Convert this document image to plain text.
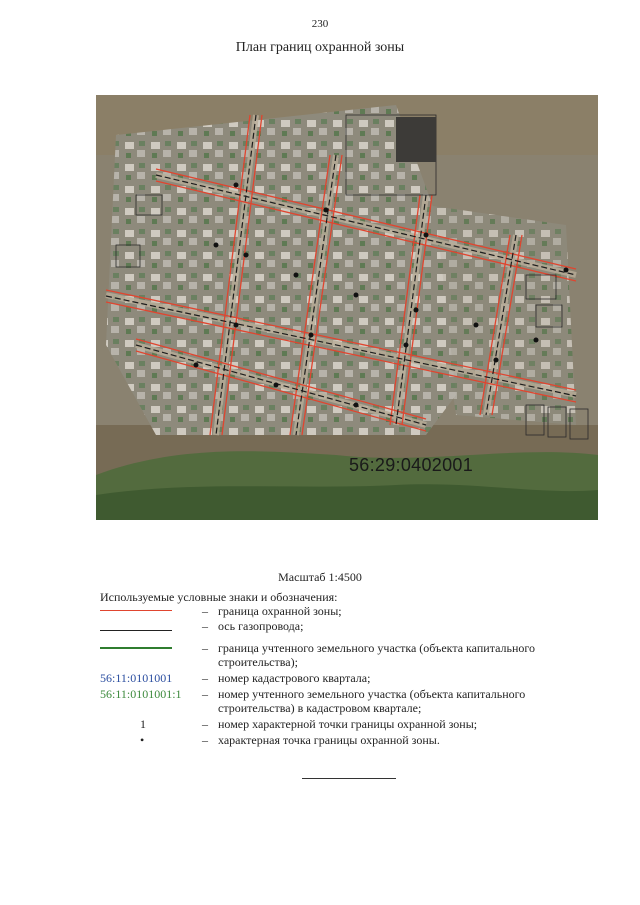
230
План границ охранной зоны
56:29:0402001
Масштаб 1:4500
Используемые условные знаки и обозначения:
– граница охранной зоны;
– ось газопровода;
– граница учтенного земельного участка (объекта капитального строительства);
56:11:0101001	– номер кадастрового квартала;
56:11:0101001:1	– номер учтенного земельного участка (объекта капитального строительства) в кадастровом квартале;
1	– номер характерной точки границы охранной зоны;
•	– характерная точка границы охранной зоны.
